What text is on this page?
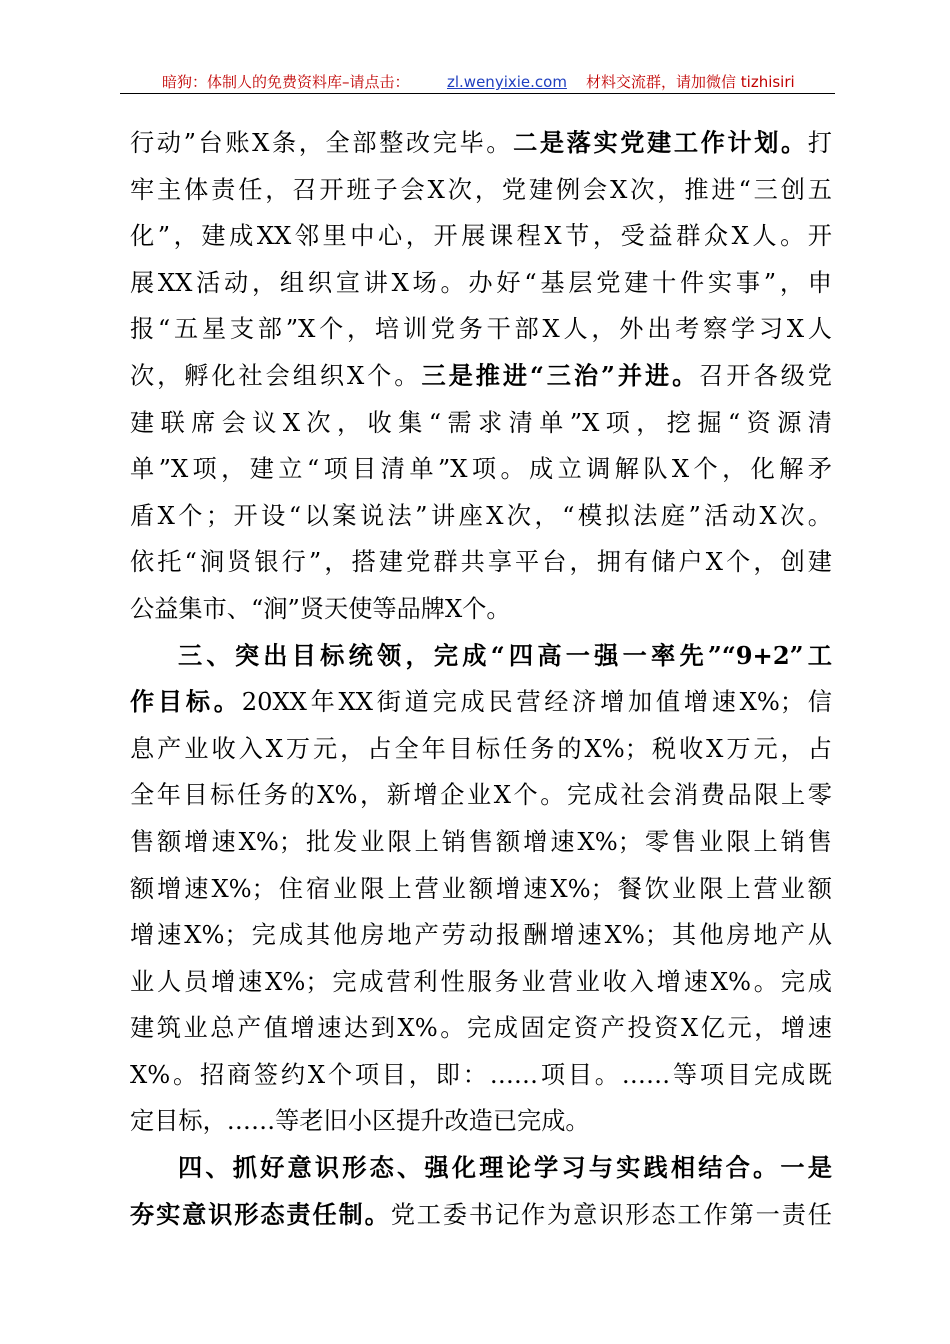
暗狗：体制人的免费资料库–请点击： zl.wenyixie.com 材料交流群，请加微信 tizhisiri
行动”台账X条，全部整改完毕。二是落实党建工作计划。打
牢主体责任，召开班子会X次，党建例会X次，推进“三创五
化”，建成XX邻里中心，开展课程X节，受益群众X人。开
展XX活动，组织宣讲X场。办好“基层党建十件实事”，申
报“五星支部”X个，培训党务干部X人，外出考察学习X人
次，孵化社会组织X个。三是推进“三治”并进。召开各级党
建联席会议X次，收集“需求清单”X项，挖掘“资源清
单”X项，建立“项目清单”X项。成立调解队X个，化解矛
盾X个；开设“以案说法”讲座X次，“模拟法庭”活动X次。
依托“涧贤银行”，搭建党群共享平台，拥有储户X个，创建
公益集市、“涧”贤天使等品牌X个。
三、突出目标统领，完成“四高一强一率先”“9+2”工
作目标。20XX年XX街道完成民营经济增加值增速X%；信
息产业收入X万元，占全年目标任务的X%；税收X万元，占
全年目标任务的X%，新增企业X个。完成社会消费品限上零
售额增速X%；批发业限上销售额增速X%；零售业限上销售
额增速X%；住宿业限上营业额增速X%；餐饮业限上营业额
增速X%；完成其他房地产劳动报酬增速X%；其他房地产从
业人员增速X%；完成营利性服务业营业收入增速X%。完成
建筑业总产值增速达到X%。完成固定资产投资X亿元，增速
X%。招商签约X个项目，即：……项目。……等项目完成既
定目标，……等老旧小区提升改造已完成。
四、抓好意识形态、强化理论学习与实践相结合。一是
夯实意识形态责任制。党工委书记作为意识形态工作第一责任
